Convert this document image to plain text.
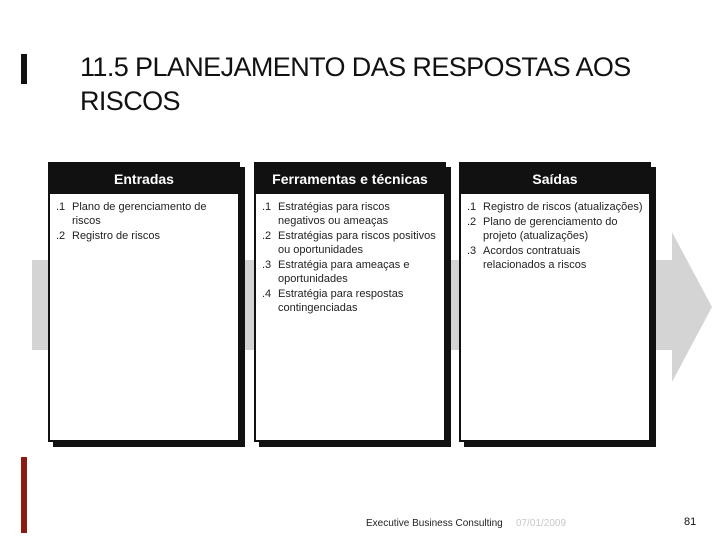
11.5 PLANEJAMENTO DAS RESPOSTAS AOS RISCOS
Entradas
.1 Plano de gerenciamento de riscos
.2 Registro de riscos
Ferramentas e técnicas
.1 Estratégias para riscos negativos ou ameaças
.2 Estratégias para riscos positivos ou oportunidades
.3 Estratégia para ameaças e oportunidades
.4 Estratégia para respostas contingenciadas
Saídas
.1 Registro de riscos (atualizações)
.2 Plano de gerenciamento do projeto (atualizações)
.3 Acordos contratuais relacionados a riscos
Executive Business Consulting 07/01/2009	81
